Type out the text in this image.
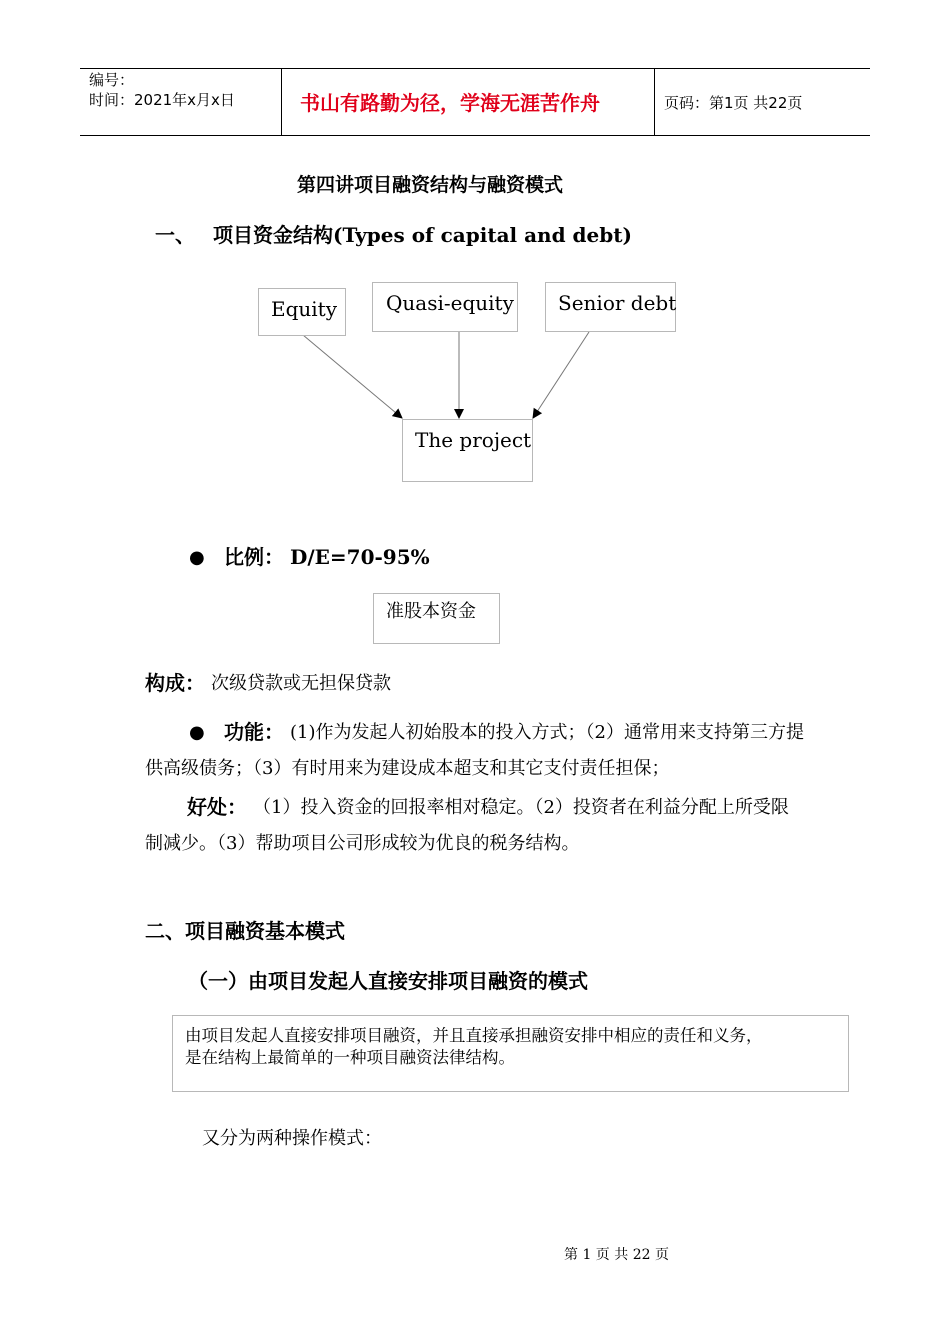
编号：
时间：2021年x月x日	书山有路勤为径，学海无涯苦作舟	页码：第1页 共22页
第四讲项目融资结构与融资模式
一、 项目资金结构(Types of capital and debt)
Equity Quasi-equity Senior debt
The project
● 比例： D/E=70-95%
准股本资金
构成： 次级贷款或无担保贷款
● 功能： (1)作为发起人初始股本的投入方式；（2）通常用来支持第三方提
供高级债务；（3）有时用来为建设成本超支和其它支付责任担保；
好处： （1）投入资金的回报率相对稳定。（2）投资者在利益分配上所受限
制减少。（3）帮助项目公司形成较为优良的税务结构。
二、项目融资基本模式
（一）由项目发起人直接安排项目融资的模式
由项目发起人直接安排项目融资，并且直接承担融资安排中相应的责任和义务，
是在结构上最简单的一种项目融资法律结构。
又分为两种操作模式：
第 1 页 共 22 页
